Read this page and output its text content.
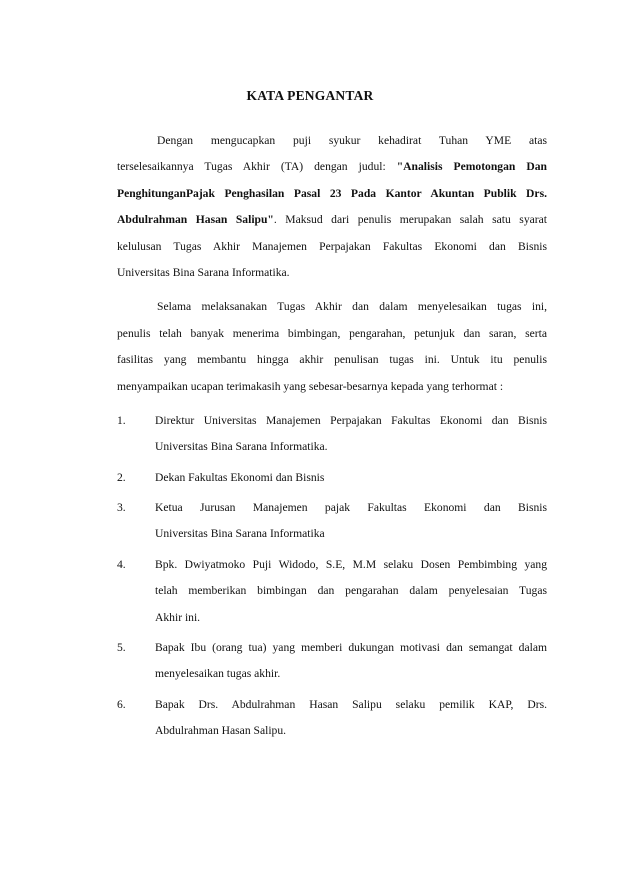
KATA PENGANTAR
Dengan mengucapkan puji syukur kehadirat Tuhan YME atas
terselesaikannya Tugas Akhir (TA) dengan judul: "Analisis Pemotongan Dan
PenghitunganPajak Penghasilan Pasal 23 Pada Kantor Akuntan Publik Drs.
Abdulrahman Hasan Salipu". Maksud dari penulis merupakan salah satu syarat
kelulusan Tugas Akhir Manajemen Perpajakan Fakultas Ekonomi dan Bisnis
Universitas Bina Sarana Informatika.
Selama melaksanakan Tugas Akhir dan dalam menyelesaikan tugas ini,
penulis telah banyak menerima bimbingan, pengarahan, petunjuk dan saran, serta
fasilitas yang membantu hingga akhir penulisan tugas ini. Untuk itu penulis
menyampaikan ucapan terimakasih yang sebesar-besarnya kepada yang terhormat :
1.	Direktur Universitas Manajemen Perpajakan Fakultas Ekonomi dan Bisnis
Universitas Bina Sarana Informatika.
2.	Dekan Fakultas Ekonomi dan Bisnis
3.	Ketua Jurusan Manajemen pajak Fakultas Ekonomi dan Bisnis
Universitas Bina Sarana Informatika
4.	Bpk. Dwiyatmoko Puji Widodo, S.E, M.M selaku Dosen Pembimbing yang
telah memberikan bimbingan dan pengarahan dalam penyelesaian Tugas
Akhir ini.
5.	Bapak Ibu (orang tua) yang memberi dukungan motivasi dan semangat dalam
menyelesaikan tugas akhir.
6.	Bapak Drs. Abdulrahman Hasan Salipu selaku pemilik KAP, Drs.
Abdulrahman Hasan Salipu.
